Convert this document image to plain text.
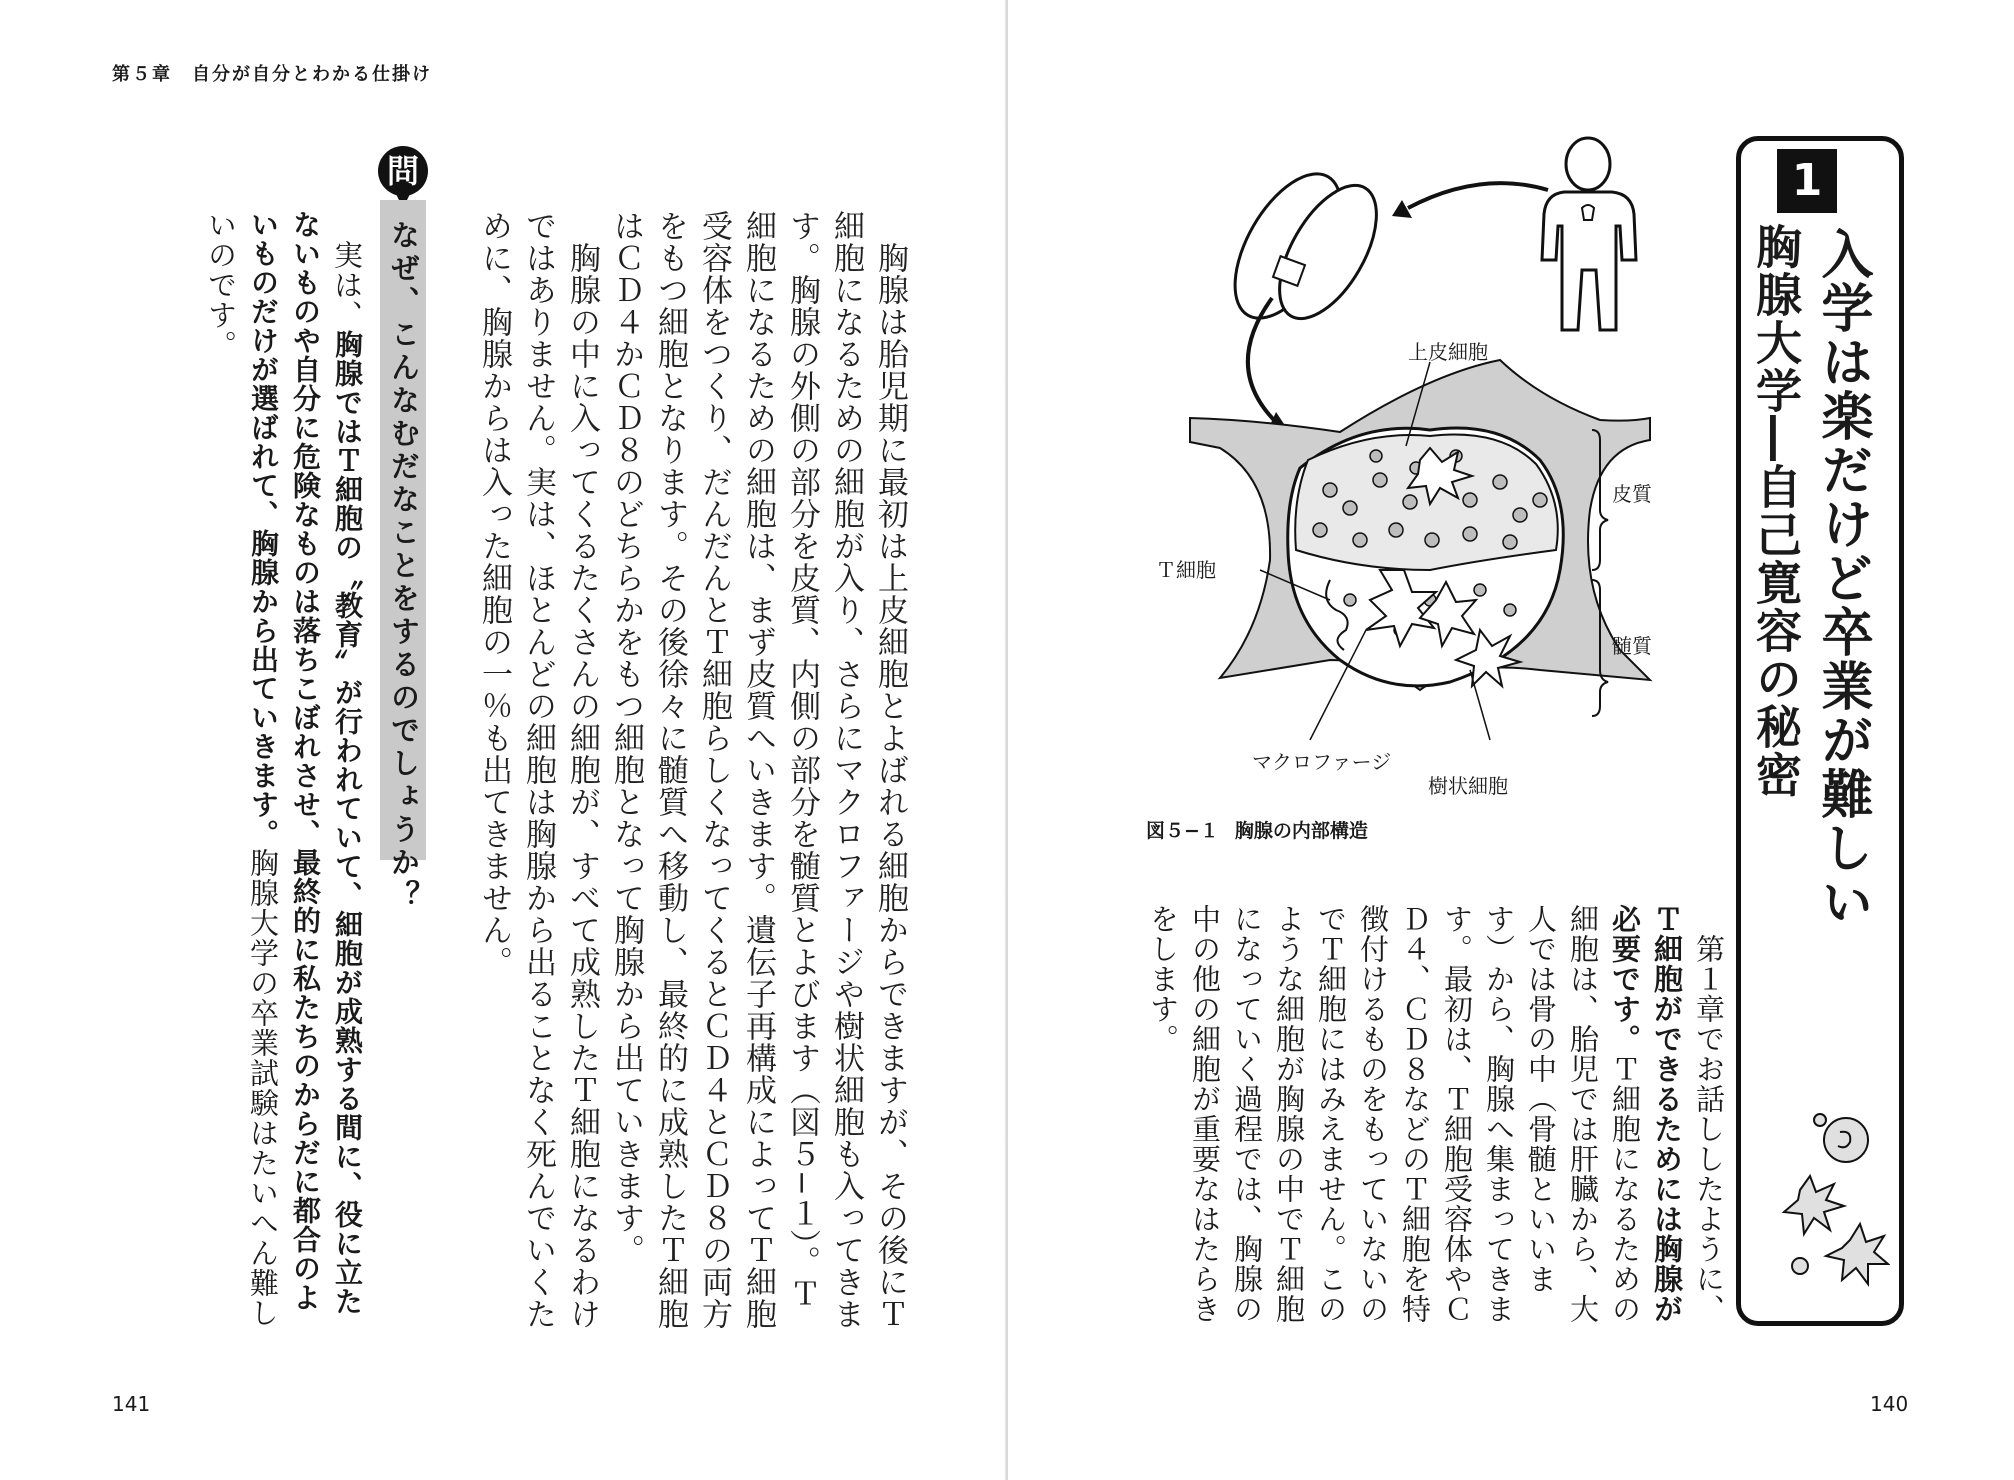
第５章　自分が自分とわかる仕掛け
　胸腺は胎児期に最初は上皮細胞とよばれる細胞からできますが、その後にＴ細胞になるための細胞が入り、さらにマクロファージや樹状細胞も入ってきます。胸腺の外側の部分を皮質、内側の部分を髄質とよびます（図５−１）。Ｔ細胞になるための細胞は、まず皮質へいきます。遺伝子再構成によってＴ細胞受容体をつくり、だんだんとＴ細胞らしくなってくるとＣＤ４とＣＤ８の両方をもつ細胞となります。その後徐々に髄質へ移動し、最終的に成熟したＴ細胞はＣＤ４かＣＤ８のどちらかをもつ細胞となって胸腺から出ていきます。
　胸腺の中に入ってくるたくさんの細胞が、すべて成熟したＴ細胞になるわけではありません。実は、ほとんどの細胞は胸腺から出ることなく死んでいくために、胸腺からは入った細胞の一％も出てきません。
問
なぜ、こんなむだなことをするのでしょうか？
　実は、胸腺ではＴ細胞の〝教育〟が行われていて、細胞が成熟する間に、役に立たないものや自分に危険なものは落ちこぼれさせ、最終的に私たちのからだに都合のよいものだけが選ばれて、胸腺から出ていきます。胸腺大学の卒業試験はたいへん難しいのです。
141
上皮細胞
皮質
Ｔ細胞
髄質
マクロファージ
樹状細胞
図５−１ 胸腺の内部構造
　第１章でお話ししたように、Ｔ細胞ができるためには胸腺が必要です。Ｔ細胞になるための細胞は、胎児では肝臓から、大人では骨の中（骨髄といいます）から、胸腺へ集まってきます。最初は、Ｔ細胞受容体やＣＤ４、ＣＤ８などのＴ細胞を特徴付けるものをもっていないのでＴ細胞にはみえません。このような細胞が胸腺の中でＴ細胞になっていく過程では、胸腺の中の他の細胞が重要なはたらきをします。
1
入学は楽だけど卒業が難しい
胸腺大学―自己寛容の秘密
140
